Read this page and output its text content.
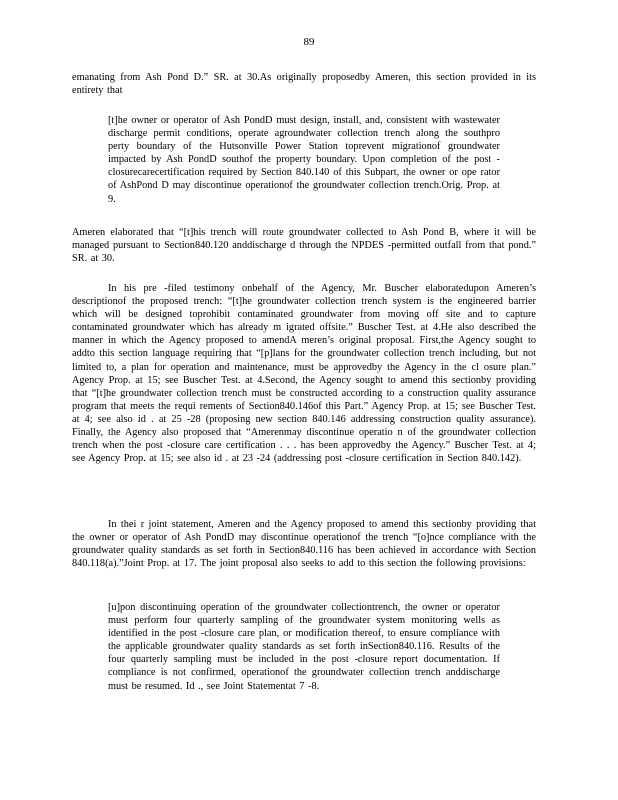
89

emanating from Ash Pond D.” SR. at 30.As originally proposedby Ameren, this section provided in its entirety that

[t]he owner or operator of Ash PondD must design, install, and, consistent with wastewater discharge permit conditions, operate agroundwater collection trench along the southpro perty boundary of the Hutsonville Power Station toprevent migrationof groundwater impacted by Ash PondD southof the property boundary. Upon completion of the post - closurecarecertification required by Section 840.140 of this Subpart, the owner or ope rator of AshPond D may discontinue operationof the groundwater collection trench.Orig. Prop. at 9.

Ameren elaborated that “[t]his trench will route groundwater collected to Ash Pond B, where it will be managed pursuant to Section840.120 anddischarge d through the NPDES -permitted outfall from that pond.” SR. at 30.

In his pre -filed testimony onbehalf of the Agency, Mr. Buscher elaboratedupon Ameren’s descriptionof the proposed trench: “[t]he groundwater collection trench system is the engineered barrier which will be designed toprohibit contaminated groundwater from moving off site and to capture contaminated groundwater which has already m igrated offsite.” Buscher Test. at 4.He also described the manner in which the Agency proposed to amendA meren’s original proposal. First,the Agency sought to addto this section language requiring that “[p]lans for the groundwater collection trench including, but not limited to, a plan for operation and maintenance, must be approvedby the Agency in the cl osure plan.” Agency Prop. at 15; see Buscher Test. at 4.Second, the Agency sought to amend this sectionby providing that “[t]he groundwater collection trench must be constructed according to a construction quality assurance program that meets the requi rements of Section840.146of this Part.” Agency Prop. at 15; see Buscher Test. at 4; see also id . at 25 -28 (proposing new section 840.146 addressing construction quality assurance). Finally, the Agency also proposed that “Amerenmay discontinue operatio n of the groundwater collection trench when the post -closure care certification . . . has been approvedby the Agency.” Buscher Test. at 4; see Agency Prop. at 15; see also id . at 23 -24 (addressing post -closure certification in Section 840.142).

In thei r joint statement, Ameren and the Agency proposed to amend this sectionby providing that the owner or operator of Ash PondD may discontinue operationof the trench “[o]nce compliance with the groundwater quality standards as set forth in Section840.116 has been achieved in accordance with Section 840.118(a).”Joint Prop. at 17. The joint proposal also seeks to add to this section the following provisions:

[u]pon discontinuing operation of the groundwater collectiontrench, the owner or operator must perform four quarterly sampling of the groundwater system monitoring wells as identified in the post -closure care plan, or modification thereof, to ensure compliance with the applicable groundwater quality standards as set forth inSection840.116. Results of the four quarterly sampling must be included in the post -closure report documentation. If compliance is not confirmed, operationof the groundwater collection trench anddischarge must be resumed. Id ., see Joint Statementat 7 -8.
